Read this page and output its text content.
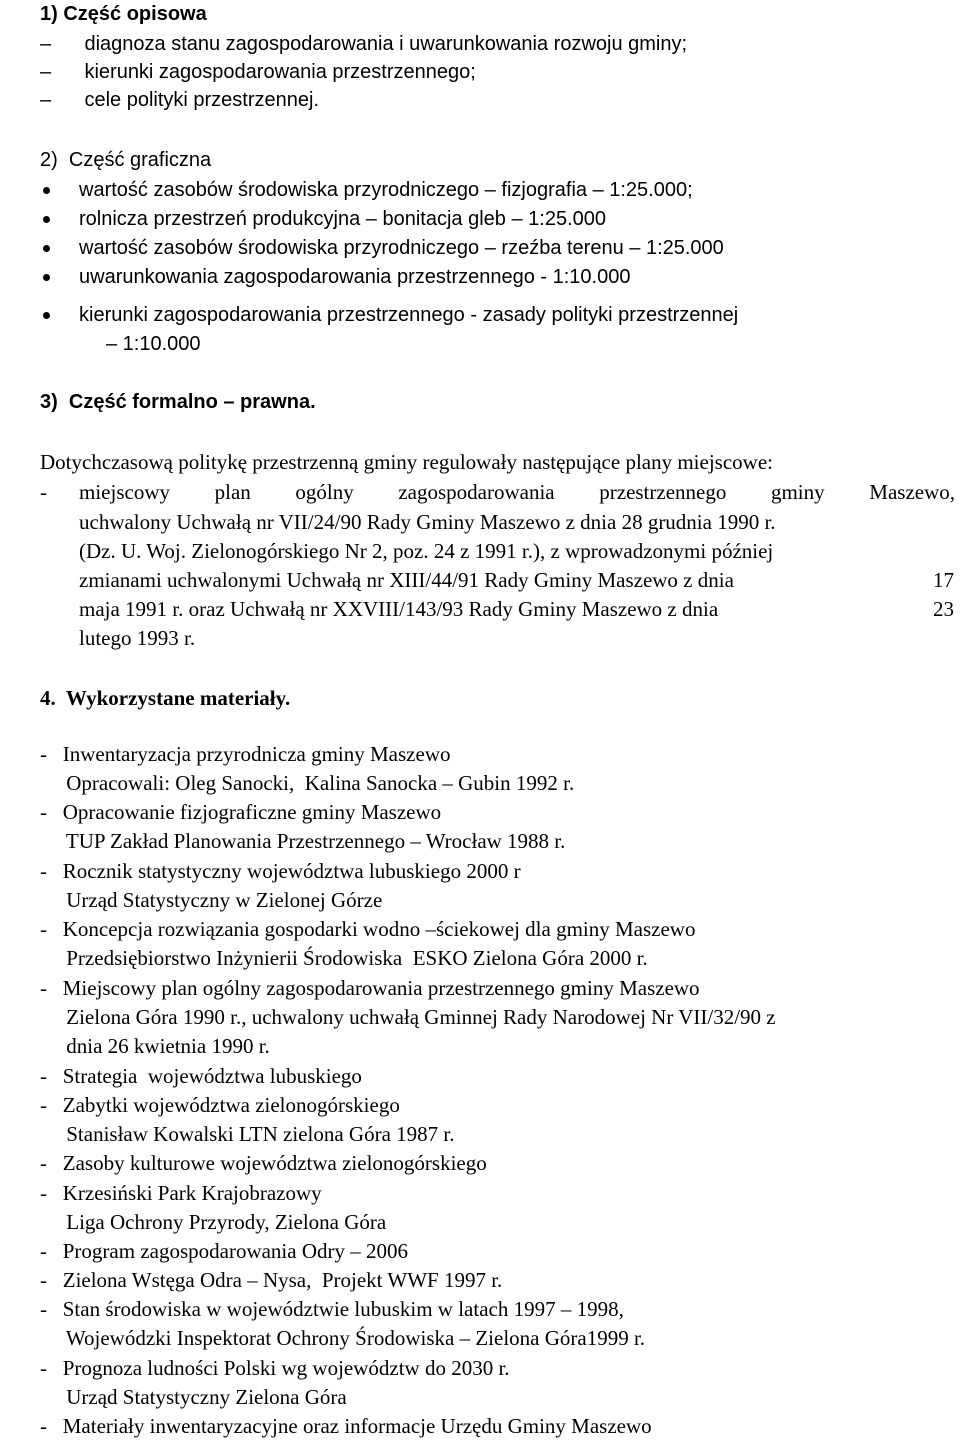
1) Część opisowa
–      diagnoza stanu zagospodarowania i uwarunkowania rozwoju gminy;
–      kierunki zagospodarowania przestrzennego;
–      cele polityki przestrzennej.
2)  Część graficzna
wartość zasobów środowiska przyrodniczego – fizjografia – 1:25.000;
rolnicza przestrzeń produkcyjna – bonitacja gleb – 1:25.000
wartość zasobów środowiska przyrodniczego – rzeźba terenu – 1:25.000
uwarunkowania zagospodarowania przestrzennego - 1:10.000
kierunki zagospodarowania przestrzennego - zasady polityki przestrzennej
– 1:10.000
3)  Część formalno – prawna.
Dotychczasową politykę przestrzenną gminy regulowały następujące plany miejscowe:
- miejscowy plan ogólny zagospodarowania przestrzennego gminy Maszewo,
uchwalony Uchwałą nr VII/24/90 Rady Gminy Maszewo z dnia 28 grudnia 1990 r.
(Dz. U. Woj. Zielonogórskiego Nr 2, poz. 24 z 1991 r.), z wprowadzonymi później
zmianami uchwalonymi Uchwałą nr XIII/44/91 Rady Gminy Maszewo z dnia	17
maja 1991 r. oraz Uchwałą nr XXVIII/143/93 Rady Gminy Maszewo z dnia	23
lutego 1993 r.
4.  Wykorzystane materiały.
-   Inwentaryzacja przyrodnicza gminy Maszewo
Opracowali: Oleg Sanocki,  Kalina Sanocka – Gubin 1992 r.
-   Opracowanie fizjograficzne gminy Maszewo
TUP Zakład Planowania Przestrzennego – Wrocław 1988 r.
-   Rocznik statystyczny województwa lubuskiego 2000 r
Urząd Statystyczny w Zielonej Górze
-   Koncepcja rozwiązania gospodarki wodno –ściekowej dla gminy Maszewo
Przedsiębiorstwo Inżynierii Środowiska  ESKO Zielona Góra 2000 r.
-   Miejscowy plan ogólny zagospodarowania przestrzennego gminy Maszewo
Zielona Góra 1990 r., uchwalony uchwałą Gminnej Rady Narodowej Nr VII/32/90 z
dnia 26 kwietnia 1990 r.
-   Strategia  województwa lubuskiego
-   Zabytki województwa zielonogórskiego
Stanisław Kowalski LTN zielona Góra 1987 r.
-   Zasoby kulturowe województwa zielonogórskiego
-   Krzesiński Park Krajobrazowy
Liga Ochrony Przyrody, Zielona Góra
-   Program zagospodarowania Odry – 2006
-   Zielona Wstęga Odra – Nysa,  Projekt WWF 1997 r.
-   Stan środowiska w województwie lubuskim w latach 1997 – 1998,
Wojewódzki Inspektorat Ochrony Środowiska – Zielona Góra1999 r.
-   Prognoza ludności Polski wg województw do 2030 r.
Urząd Statystyczny Zielona Góra
-   Materiały inwentaryzacyjne oraz informacje Urzędu Gminy Maszewo
